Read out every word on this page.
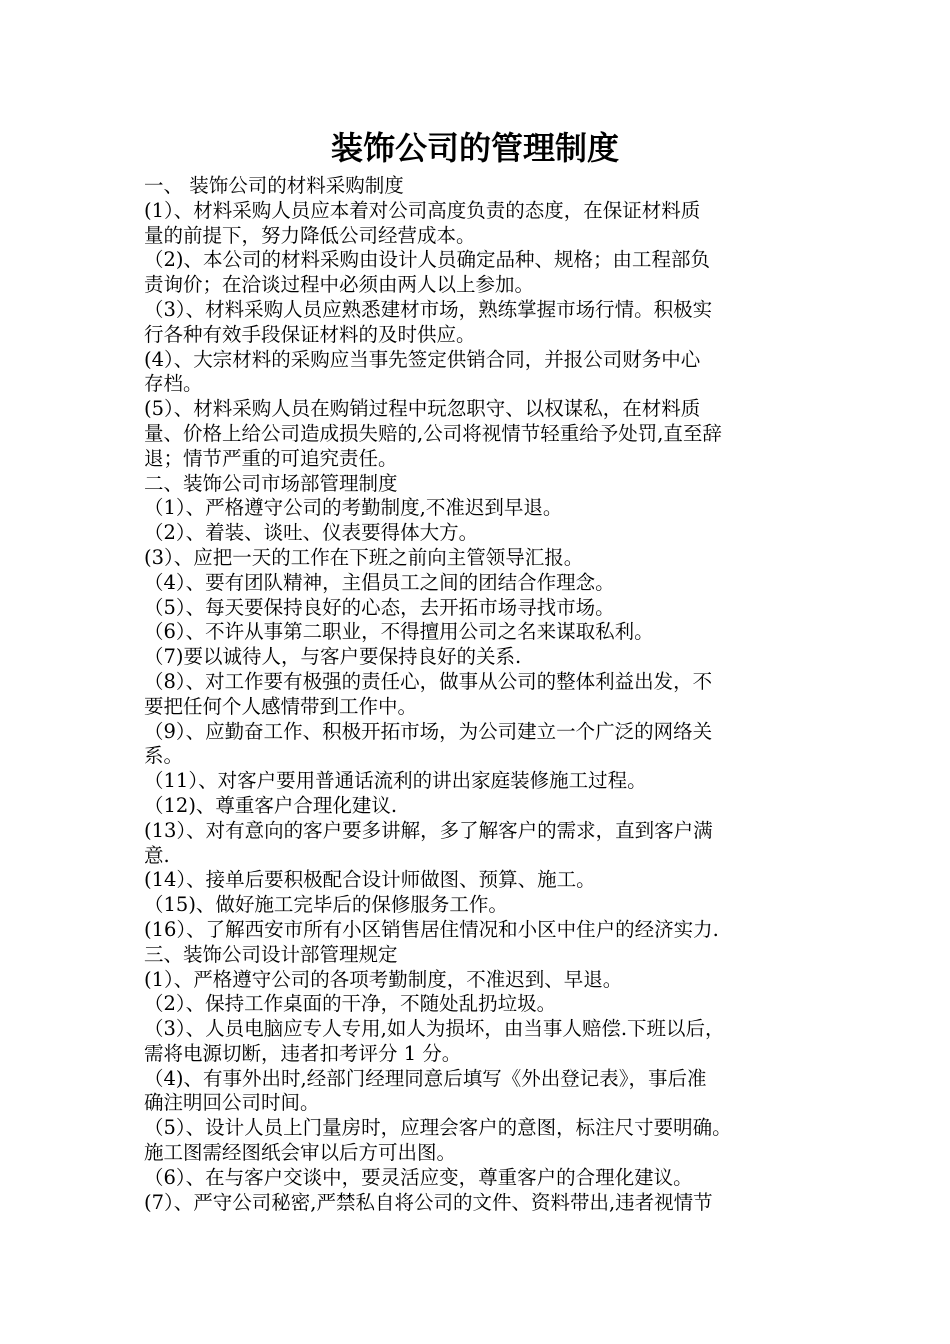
装饰公司的管理制度

一、 装饰公司的材料采购制度

(1）、材料采购人员应本着对公司高度负责的态度，在保证材料质

量的前提下，努力降低公司经营成本。

（2)、本公司的材料采购由设计人员确定品种、规格；由工程部负

责询价；在洽谈过程中必须由两人以上参加。

（3）、材料采购人员应熟悉建材市场，熟练掌握市场行情。积极实

行各种有效手段保证材料的及时供应。

(4）、大宗材料的采购应当事先签定供销合同，并报公司财务中心

存档。

(5）、材料采购人员在购销过程中玩忽职守、以权谋私，在材料质

量、价格上给公司造成损失赔的,公司将视情节轻重给予处罚,直至辞

退；情节严重的可追究责任。

二、装饰公司市场部管理制度

（1）、严格遵守公司的考勤制度,不准迟到早退。

（2）、着装、谈吐、仪表要得体大方。

(3）、应把一天的工作在下班之前向主管领导汇报。

（4）、要有团队精神，主倡员工之间的团结合作理念。

（5）、每天要保持良好的心态，去开拓市场寻找市场。

（6）、不许从事第二职业，不得擅用公司之名来谋取私利。

（7)要以诚待人，与客户要保持良好的关系.

（8）、对工作要有极强的责任心，做事从公司的整体利益出发，不

要把任何个人感情带到工作中。

（9）、应勤奋工作、积极开拓市场，为公司建立一个广泛的网络关

系。

（11）、对客户要用普通话流利的讲出家庭装修施工过程。

（12)、尊重客户合理化建议.

(13）、对有意向的客户要多讲解，多了解客户的需求，直到客户满

意.

(14）、接单后要积极配合设计师做图、预算、施工。

（15)、做好施工完毕后的保修服务工作。

(16）、了解西安市所有小区销售居住情况和小区中住户的经济实力.

三、装饰公司设计部管理规定

(1）、严格遵守公司的各项考勤制度，不准迟到、早退。

（2）、保持工作桌面的干净，不随处乱扔垃圾。

（3）、人员电脑应专人专用,如人为损坏，由当事人赔偿.下班以后，

需将电源切断，违者扣考评分 1 分。

（4)、有事外出时,经部门经理同意后填写《外出登记表》，事后准

确注明回公司时间。

（5）、设计人员上门量房时，应理会客户的意图，标注尺寸要明确。

施工图需经图纸会审以后方可出图。

（6）、在与客户交谈中，要灵活应变，尊重客户的合理化建议。

(7）、严守公司秘密,严禁私自将公司的文件、资料带出,违者视情节
